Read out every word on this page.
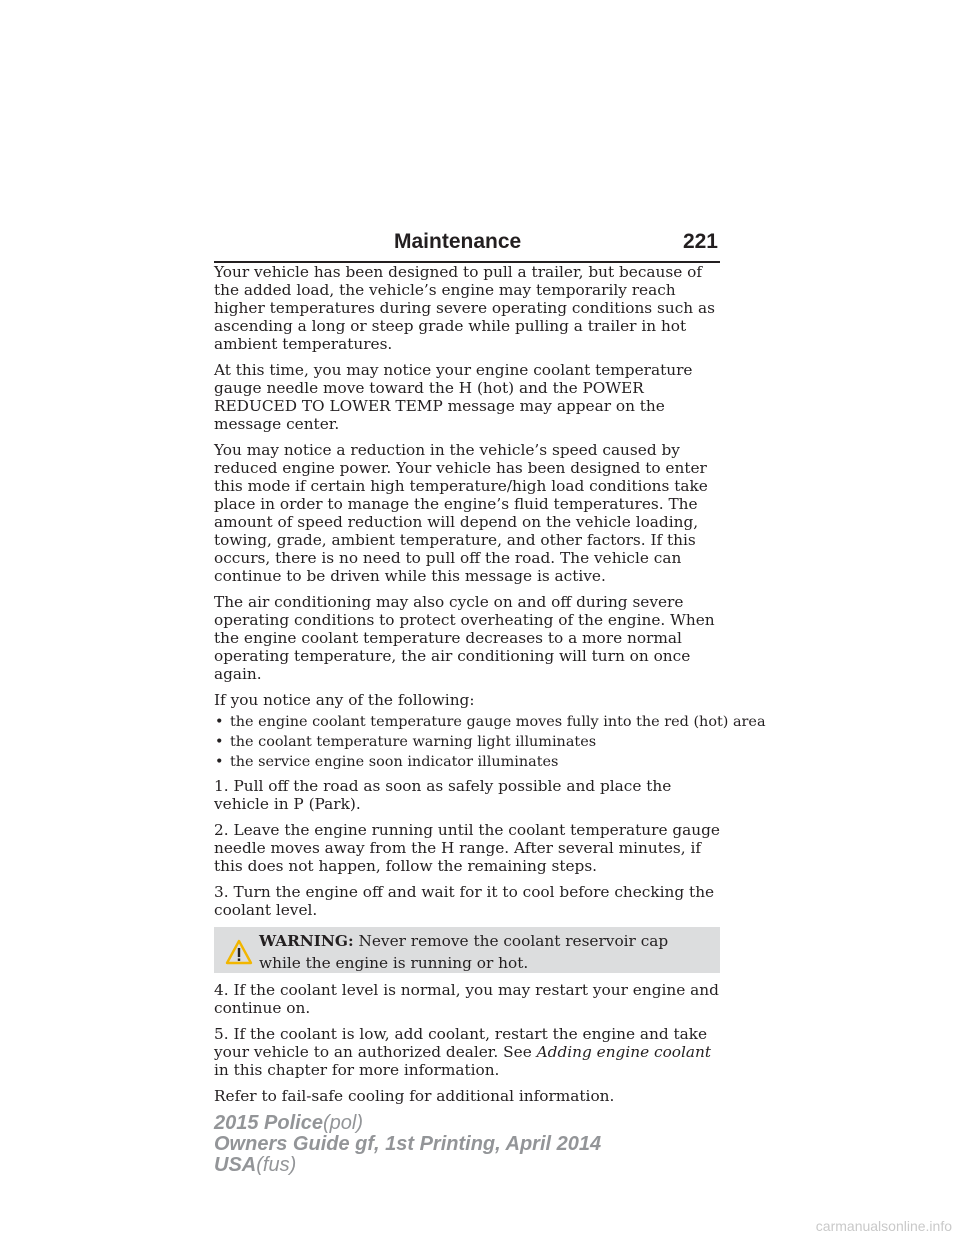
Maintenance	221

Your vehicle has been designed to pull a trailer, but because of the added load, the vehicle’s engine may temporarily reach higher temperatures during severe operating conditions such as ascending a long or steep grade while pulling a trailer in hot ambient temperatures.

At this time, you may notice your engine coolant temperature gauge needle move toward the H (hot) and the POWER REDUCED TO LOWER TEMP message may appear on the message center.

You may notice a reduction in the vehicle’s speed caused by reduced engine power. Your vehicle has been designed to enter this mode if certain high temperature/high load conditions take place in order to manage the engine’s fluid temperatures. The amount of speed reduction will depend on the vehicle loading, towing, grade, ambient temperature, and other factors. If this occurs, there is no need to pull off the road. The vehicle can continue to be driven while this message is active.

The air conditioning may also cycle on and off during severe operating conditions to protect overheating of the engine. When the engine coolant temperature decreases to a more normal operating temperature, the air conditioning will turn on once again.

If you notice any of the following:

• the engine coolant temperature gauge moves fully into the red (hot) area
• the coolant temperature warning light illuminates
• the service engine soon indicator illuminates

1. Pull off the road as soon as safely possible and place the vehicle in P (Park).

2. Leave the engine running until the coolant temperature gauge needle moves away from the H range. After several minutes, if this does not happen, follow the remaining steps.

3. Turn the engine off and wait for it to cool before checking the coolant level.

WARNING: Never remove the coolant reservoir cap while the engine is running or hot.

4. If the coolant level is normal, you may restart your engine and continue on.

5. If the coolant is low, add coolant, restart the engine and take your vehicle to an authorized dealer. See Adding engine coolant in this chapter for more information.

Refer to fail-safe cooling for additional information.

2015 Police(pol)
Owners Guide gf, 1st Printing, April 2014
USA(fus)
carmanualsonline.info
